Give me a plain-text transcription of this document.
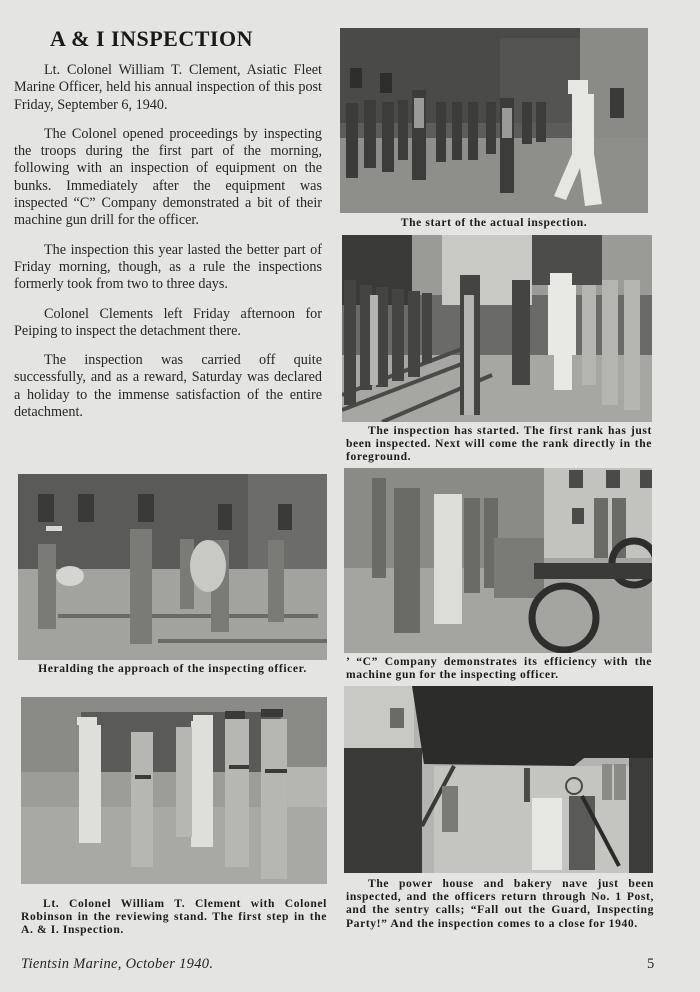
A & I INSPECTION

Lt. Colonel William T. Clement, Asiatic Fleet Marine Officer, held his annual inspection of this post Friday, September 6, 1940.

The Colonel opened proceedings by inspecting the troops during the first part of the morning, following with an inspection of equipment on the bunks. Immediately after the equipment was inspected “C” Company demonstrated a bit of their machine gun drill for the officer.

The inspection this year lasted the better part of Friday morning, though, as a rule the inspections formerly took from two to three days.

Colonel Clements left Friday afternoon for Peiping to inspect the detachment there.

The inspection was carried off quite successfully, and as a reward, Saturday was declared a holiday to the immense satisfaction of the entire detachment.

The start of the actual inspection.
The inspection has started. The first rank has just been inspected. Next will come the rank directly in the foreground.
Heralding the approach of the inspecting officer.
’ “C” Company demonstrates its efficiency with the machine gun for the inspecting officer.
Lt. Colonel William T. Clement with Colonel Robinson in the reviewing stand. The first step in the A. & I. Inspection.
The power house and bakery nave just been inspected, and the officers return through No. 1 Post, and the sentry calls; “Fall out the Guard, Inspecting Party!” And the inspection comes to a close for 1940.
Tientsin Marine, October 1940.	5
